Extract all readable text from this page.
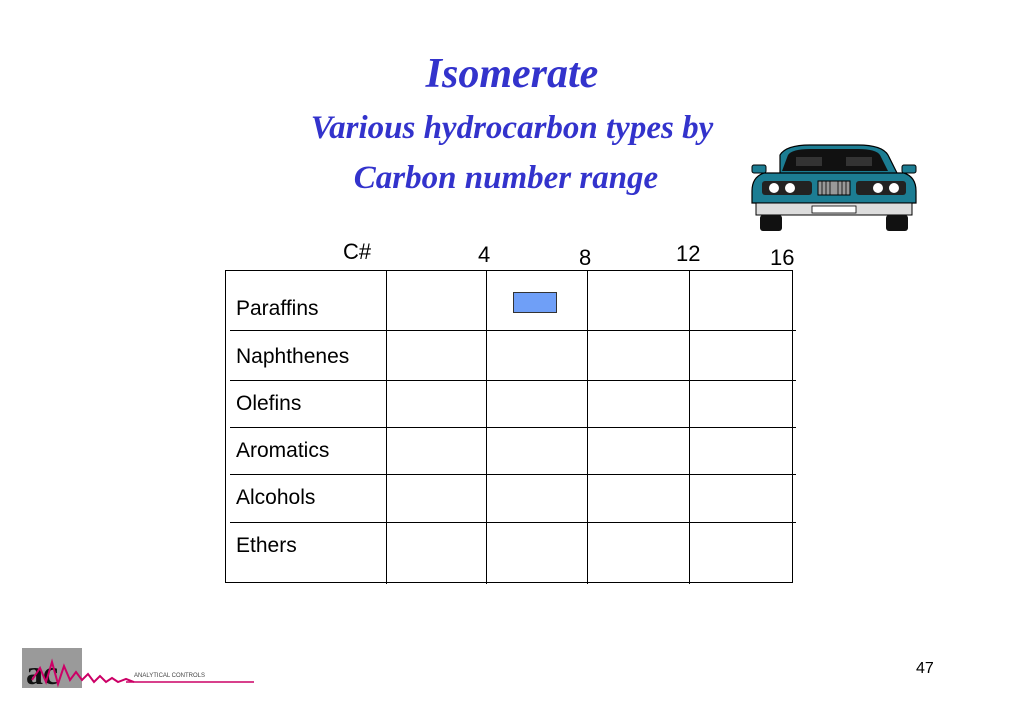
Isomerate
Various hydrocarbon types by
Carbon number range
C#	4	8	12	16
Paraffins
Naphthenes
Olefins
Aromatics
Alcohols
Ethers
ac	ANALYTICAL CONTROLS	47
